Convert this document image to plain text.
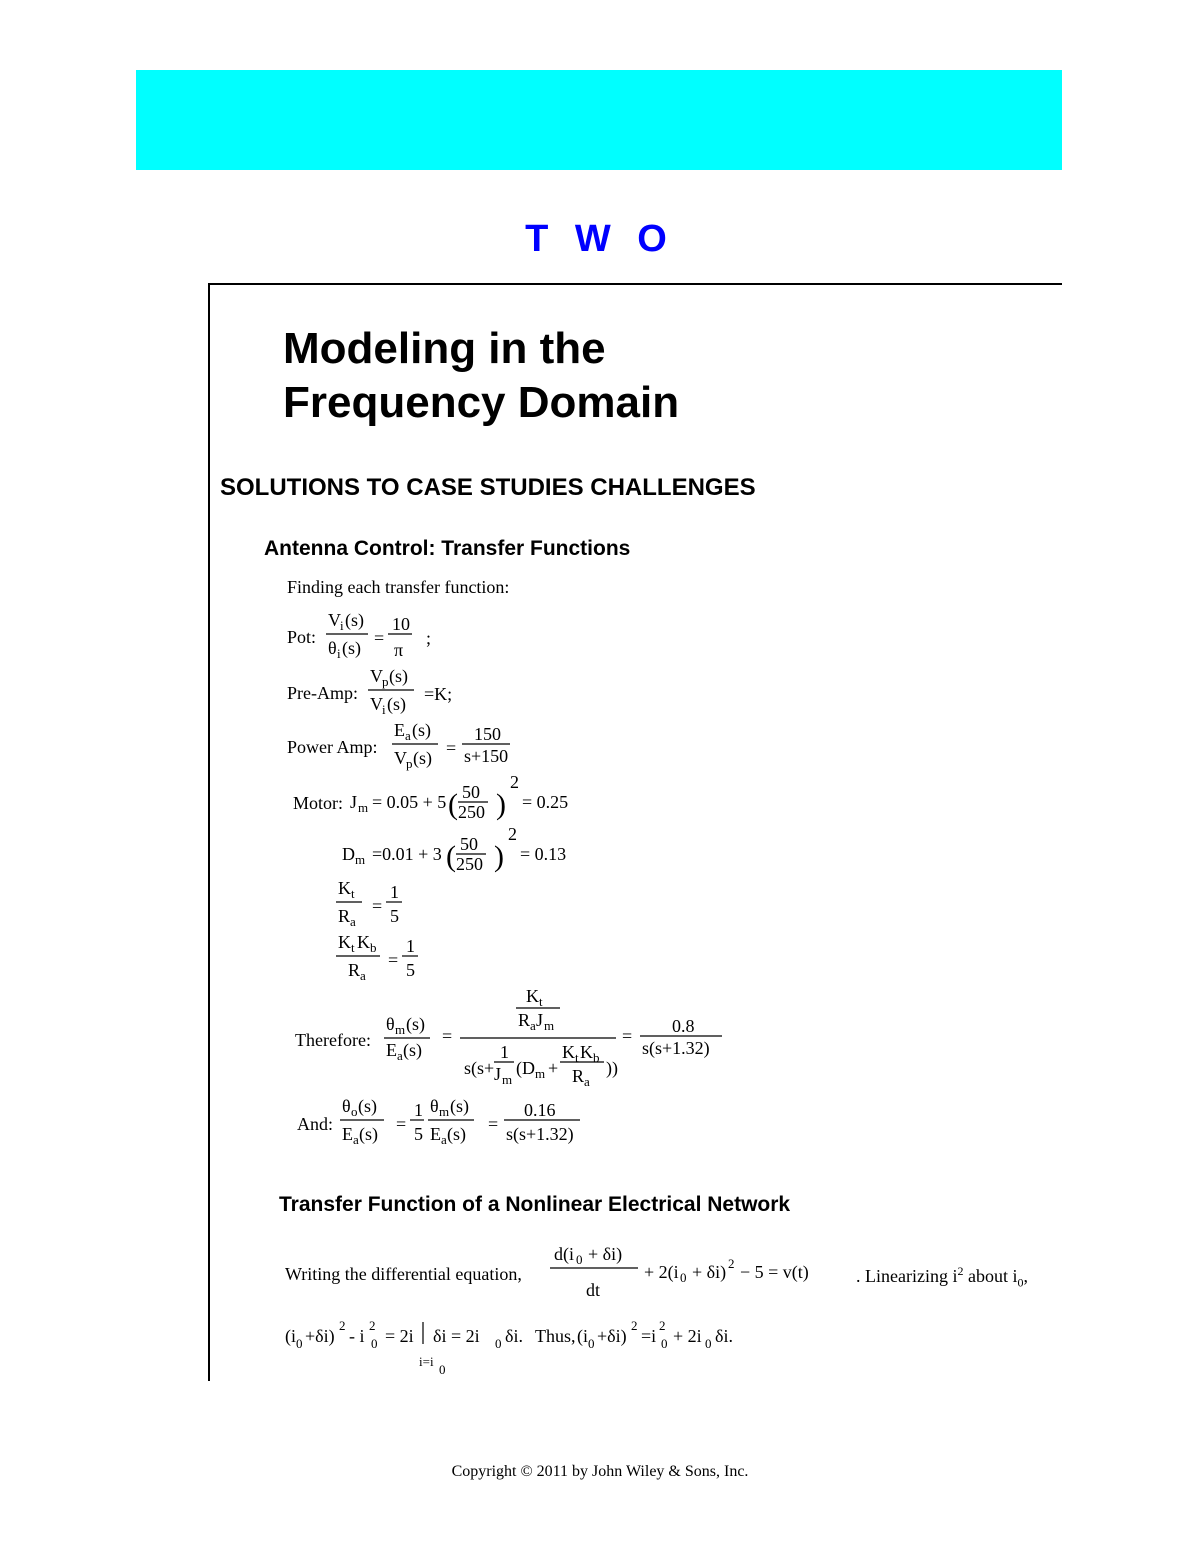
T W O
Modeling in the
Frequency Domain
SOLUTIONS TO CASE STUDIES CHALLENGES
Antenna Control: Transfer Functions
Finding each transfer function:
Pot:
V i (s)
θ i (s) =
10
π
;
Pre-Amp:
V p (s)
V i (s) =K;
Power Amp:
E a (s)
V p (s) =
150
s+150
Motor: J m = 0.05 + 5 ( 50
250 )
2
= 0.25
D m =0.01 + 3 ( 50
250 )
2
= 0.13
K t
R a
=
1
5
K t K b
R a
=
1
5
Therefore:
θ m (s)
E a (s)
=
K t
R a J m
s(s+
1
J m
(D m +
K t K b
R a
))
= 0.8
s(s+1.32)
And:
θ o (s)
E a (s) =
1
5
θ m (s)
E a (s) =
0.16
s(s+1.32)
Transfer Function of a Nonlinear Electrical Network
Writing the differential equation,
d(i 0 + δi)
dt
+ 2(i 0 + δi) 2 − 5 = v(t)	. Linearizing $i^2$ about $i_0$,
(i 0 +δi)
2
- i
2
0 = 2i
i=i
0
δi = 2i 0 δi. Thus, (i 0 +δi)
2
=i
2
0 + 2i 0 δi.
Copyright © 2011 by John Wiley & Sons, Inc.
